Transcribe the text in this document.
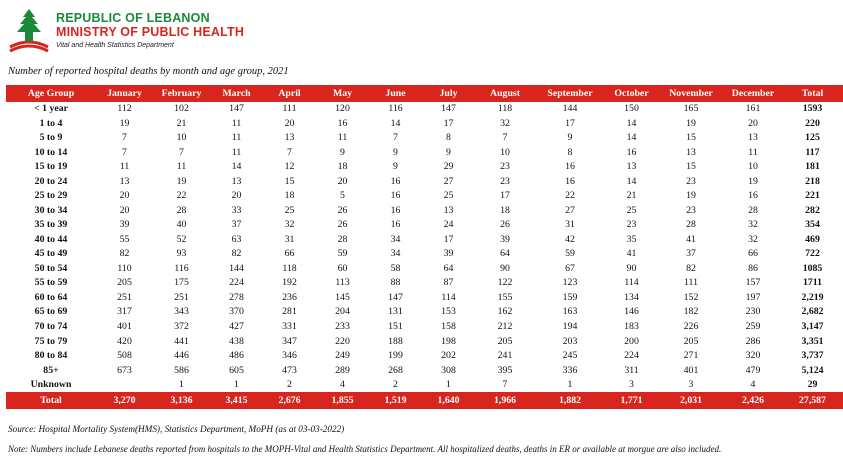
REPUBLIC OF LEBANON
MINISTRY OF PUBLIC HEALTH
Vital and Health Statistics Department
Number of reported hospital deaths by month and age group, 2021
Age Group	January	February	March	April	May	June	July	August	September	October	November	December	Total
< 1 year	112	102	147	111	120	116	147	118	144	150	165	161	1593
1 to 4	19	21	11	20	16	14	17	32	17	14	19	20	220
5 to 9	7	10	11	13	11	7	8	7	9	14	15	13	125
10 to 14	7	7	11	7	9	9	9	10	8	16	13	11	117
15 to 19	11	11	14	12	18	9	29	23	16	13	15	10	181
20 to 24	13	19	13	15	20	16	27	23	16	14	23	19	218
25 to 29	20	22	20	18	5	16	25	17	22	21	19	16	221
30 to 34	20	28	33	25	26	16	13	18	27	25	23	28	282
35 to 39	39	40	37	32	26	16	24	26	31	23	28	32	354
40 to 44	55	52	63	31	28	34	17	39	42	35	41	32	469
45 to 49	82	93	82	66	59	34	39	64	59	41	37	66	722
50 to 54	110	116	144	118	60	58	64	90	67	90	82	86	1085
55 to 59	205	175	224	192	113	88	87	122	123	114	111	157	1711
60 to 64	251	251	278	236	145	147	114	155	159	134	152	197	2,219
65 to 69	317	343	370	281	204	131	153	162	163	146	182	230	2,682
70 to 74	401	372	427	331	233	151	158	212	194	183	226	259	3,147
75 to 79	420	441	438	347	220	188	198	205	203	200	205	286	3,351
80 to 84	508	446	486	346	249	199	202	241	245	224	271	320	3,737
85+	673	586	605	473	289	268	308	395	336	311	401	479	5,124
Unknown		1	1	2	4	2	1	7	1	3	3	4	29
Total	3,270	3,136	3,415	2,676	1,855	1,519	1,640	1,966	1,882	1,771	2,031	2,426	27,587
Source: Hospital Mortality System(HMS), Statistics Department, MoPH (as at 03-03-2022)
Note: Numbers include Lebanese deaths reported from hospitals to the MOPH-Vital and Health Statistics Department. All hospitalized deaths, deaths in ER or available at morgue are also included.
